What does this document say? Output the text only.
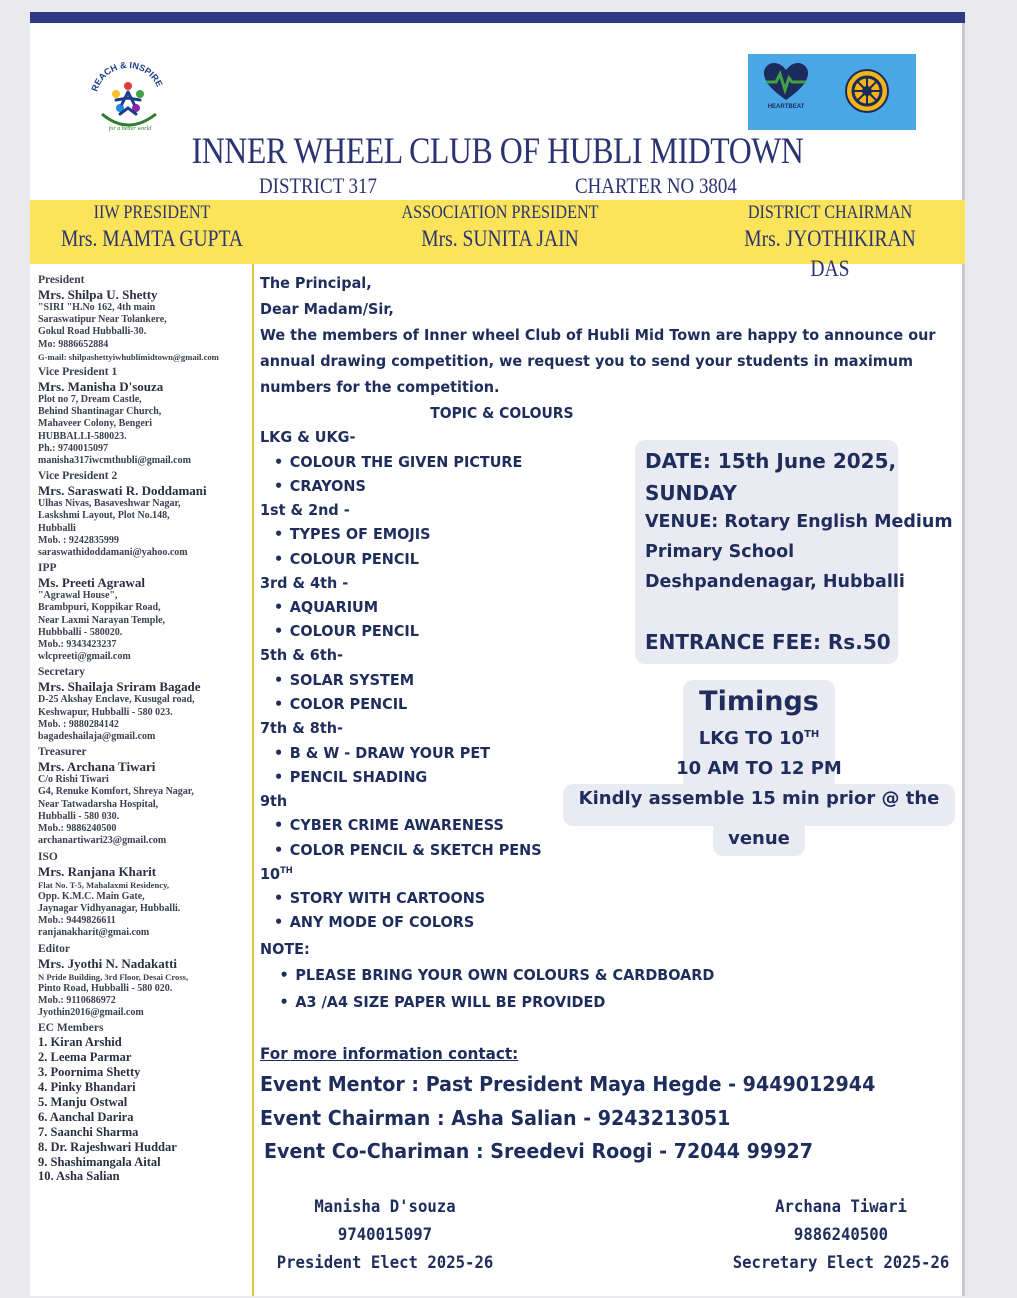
REACH & INSPIRE
for a better world
HEARTBEAT
INNER WHEEL CLUB OF HUBLI MIDTOWN
DISTRICT 317	CHARTER NO 3804
IIW PRESIDENT
Mrs. MAMTA GUPTA
ASSOCIATION PRESIDENT
Mrs. SUNITA JAIN
DISTRICT CHAIRMAN
Mrs. JYOTHIKIRAN DAS
President
Mrs. Shilpa U. Shetty
"SIRI "H.No 162, 4th main
Saraswatipur Near Tolankere,
Gokul Road Hubballi-30.
Mo: 9886652884
G-mail: shilpashettyiwhublimidtown@gmail.com
Vice President 1
Mrs. Manisha D'souza
Plot no 7, Dream Castle,
Behind Shantinagar Church,
Mahaveer Colony, Bengeri
HUBBALLI-580023.
Ph.: 9740015097
manisha317iwcmthubli@gmail.com
Vice President 2
Mrs. Saraswati R. Doddamani
Ulhas Nivas, Basaveshwar Nagar,
Laskshmi Layout, Plot No.148,
Hubballi
Mob. : 9242835999
saraswathidoddamani@yahoo.com
IPP
Ms. Preeti Agrawal
"Agrawal House",
Brambpuri, Koppikar Road,
Near Laxmi Narayan Temple,
Hubbballi - 580020.
Mob.: 9343423237
wlcpreeti@gmail.com
Secretary
Mrs. Shailaja Sriram Bagade
D-25 Akshay Enclave, Kusugal road,
Keshwapur, Hubballi - 580 023.
Mob. : 9880284142
bagadeshailaja@gmail.com
Treasurer
Mrs. Archana Tiwari
C/o Rishi Tiwari
G4, Renuke Komfort, Shreya Nagar,
Near Tatwadarsha Hospital,
Hubballi - 580 030.
Mob.: 9886240500
archanartiwari23@gmail.com
ISO
Mrs. Ranjana Kharit
Flat No. T-5, Mahalaxmi Residency,
Opp. K.M.C. Main Gate,
Jaynagar Vidhyanagar, Hubballi.
Mob.: 9449826611
ranjanakharit@gmai.com
Editor
Mrs. Jyothi N. Nadakatti
N Pride Building, 3rd Floor, Desai Cross,
Pinto Road, Hubballi - 580 020.
Mob.: 9110686972
Jyothin2016@gmail.com
EC Members
1. Kiran Arshid
2. Leema Parmar
3. Poornima Shetty
4. Pinky Bhandari
5. Manju Ostwal
6. Aanchal Darira
7. Saanchi Sharma
8. Dr. Rajeshwari Huddar
9. Shashimangala Aital
10. Asha Salian
The Principal,
Dear Madam/Sir,
We the members of Inner wheel Club of Hubli Mid Town are happy to announce our
annual drawing competition, we request you to send your students in maximum
numbers for the competition.
TOPIC & COLOURS
LKG & UKG-
• COLOUR THE GIVEN PICTURE
• CRAYONS
1st & 2nd -
• TYPES OF EMOJIS
• COLOUR PENCIL
3rd & 4th -
• AQUARIUM
• COLOUR PENCIL
5th & 6th-
• SOLAR SYSTEM
• COLOR PENCIL
7th & 8th-
• B & W - DRAW YOUR PET
• PENCIL SHADING
9th
• CYBER CRIME AWARENESS
• COLOR PENCIL & SKETCH PENS
10TH
• STORY WITH CARTOONS
• ANY MODE OF COLORS
NOTE:
• PLEASE BRING YOUR OWN COLOURS & CARDBOARD
• A3 /A4 SIZE PAPER WILL BE PROVIDED
DATE: 15th June 2025,
SUNDAY
VENUE: Rotary English Medium
Primary School
Deshpandenagar, Hubballi
ENTRANCE FEE: Rs.50
Timings
LKG TO 10TH
10 AM TO 12 PM
Kindly assemble 15 min prior @ the
venue
For more information contact:
Event Mentor : Past President Maya Hegde - 9449012944
Event Chairman : Asha Salian - 9243213051
Event Co-Chariman : Sreedevi Roogi - 72044 99927
Manisha D'souza
9740015097
President Elect 2025-26
Archana Tiwari
9886240500
Secretary Elect 2025-26
